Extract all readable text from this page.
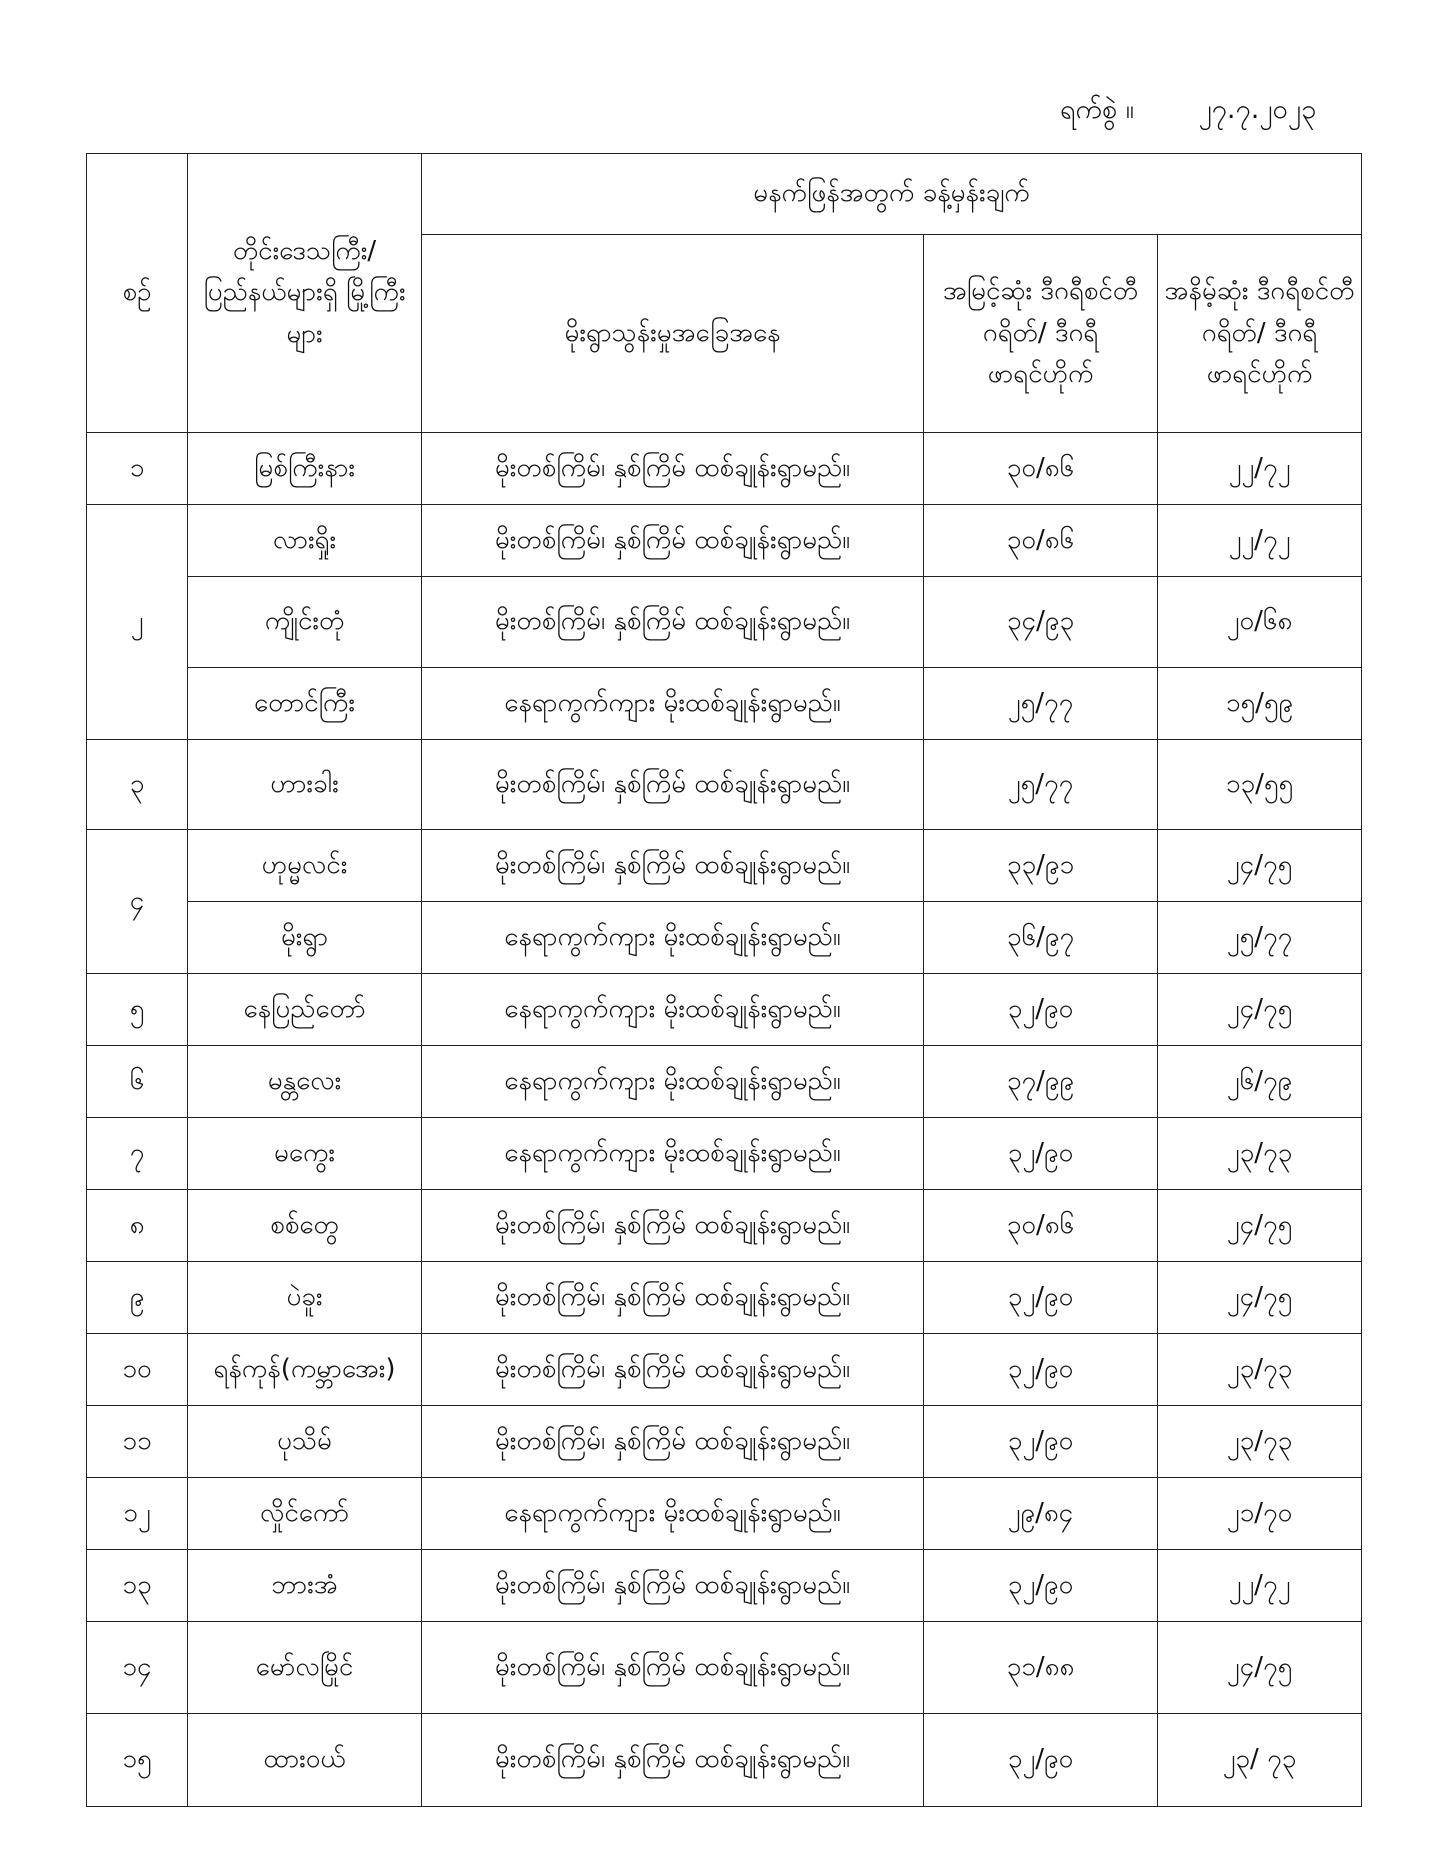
ရက်စွဲ ။ ၂၇.၇.၂၀၂၃
စဉ်	တိုင်းဒေသကြီး/ ပြည်နယ်များရှိ မြို့ကြီးများ	မနက်ဖြန်အတွက် ခန့်မှန်းချက်		
		မိုးရွာသွန်းမှုအခြေအနေ	အမြင့်ဆုံး ဒီဂရီစင်တီဂရိတ်/ ဒီဂရီဖာရင်ဟိုက်	အနိမ့်ဆုံး ဒီဂရီစင်တီဂရိတ်/ ဒီဂရီဖာရင်ဟိုက်
၁	မြစ်ကြီးနား	မိုးတစ်ကြိမ်၊ နှစ်ကြိမ် ထစ်ချုန်းရွာမည်။	၃၀/၈၆	၂၂/၇၂
၂	လားရှိုး	မိုးတစ်ကြိမ်၊ နှစ်ကြိမ် ထစ်ချုန်းရွာမည်။	၃၀/၈၆	၂၂/၇၂
	ကျိုင်းတုံ	မိုးတစ်ကြိမ်၊ နှစ်ကြိမ် ထစ်ချုန်းရွာမည်။	၃၄/၉၃	၂၀/၆၈
	တောင်ကြီး	နေရာကွက်ကျား မိုးထစ်ချုန်းရွာမည်။	၂၅/၇၇	၁၅/၅၉
၃	ဟားခါး	မိုးတစ်ကြိမ်၊ နှစ်ကြိမ် ထစ်ချုန်းရွာမည်။	၂၅/၇၇	၁၃/၅၅
၄	ဟုမ္မလင်း	မိုးတစ်ကြိမ်၊ နှစ်ကြိမ် ထစ်ချုန်းရွာမည်။	၃၃/၉၁	၂၄/၇၅
	မိုးရွာ	နေရာကွက်ကျား မိုးထစ်ချုန်းရွာမည်။	၃၆/၉၇	၂၅/၇၇
၅	နေပြည်တော်	နေရာကွက်ကျား မိုးထစ်ချုန်းရွာမည်။	၃၂/၉၀	၂၄/၇၅
၆	မန္တလေး	နေရာကွက်ကျား မိုးထစ်ချုန်းရွာမည်။	၃၇/၉၉	၂၆/၇၉
၇	မကွေး	နေရာကွက်ကျား မိုးထစ်ချုန်းရွာမည်။	၃၂/၉၀	၂၃/၇၃
၈	စစ်တွေ	မိုးတစ်ကြိမ်၊ နှစ်ကြိမ် ထစ်ချုန်းရွာမည်။	၃၀/၈၆	၂၄/၇၅
၉	ပဲခူး	မိုးတစ်ကြိမ်၊ နှစ်ကြိမ် ထစ်ချုန်းရွာမည်။	၃၂/၉၀	၂၄/၇၅
၁၀	ရန်ကုန်(ကမ္ဘာအေး)	မိုးတစ်ကြိမ်၊ နှစ်ကြိမ် ထစ်ချုန်းရွာမည်။	၃၂/၉၀	၂၃/၇၃
၁၁	ပုသိမ်	မိုးတစ်ကြိမ်၊ နှစ်ကြိမ် ထစ်ချုန်းရွာမည်။	၃၂/၉၀	၂၃/၇၃
၁၂	လှိုင်ကော်	နေရာကွက်ကျား မိုးထစ်ချုန်းရွာမည်။	၂၉/၈၄	၂၁/၇၀
၁၃	ဘားအံ	မိုးတစ်ကြိမ်၊ နှစ်ကြိမ် ထစ်ချုန်းရွာမည်။	၃၂/၉၀	၂၂/၇၂
၁၄	မော်လမြိုင်	မိုးတစ်ကြိမ်၊ နှစ်ကြိမ် ထစ်ချုန်းရွာမည်။	၃၁/၈၈	၂၄/၇၅
၁၅	ထားဝယ်	မိုးတစ်ကြိမ်၊ နှစ်ကြိမ် ထစ်ချုန်းရွာမည်။	၃၂/၉၀	၂၃/ ၇၃
